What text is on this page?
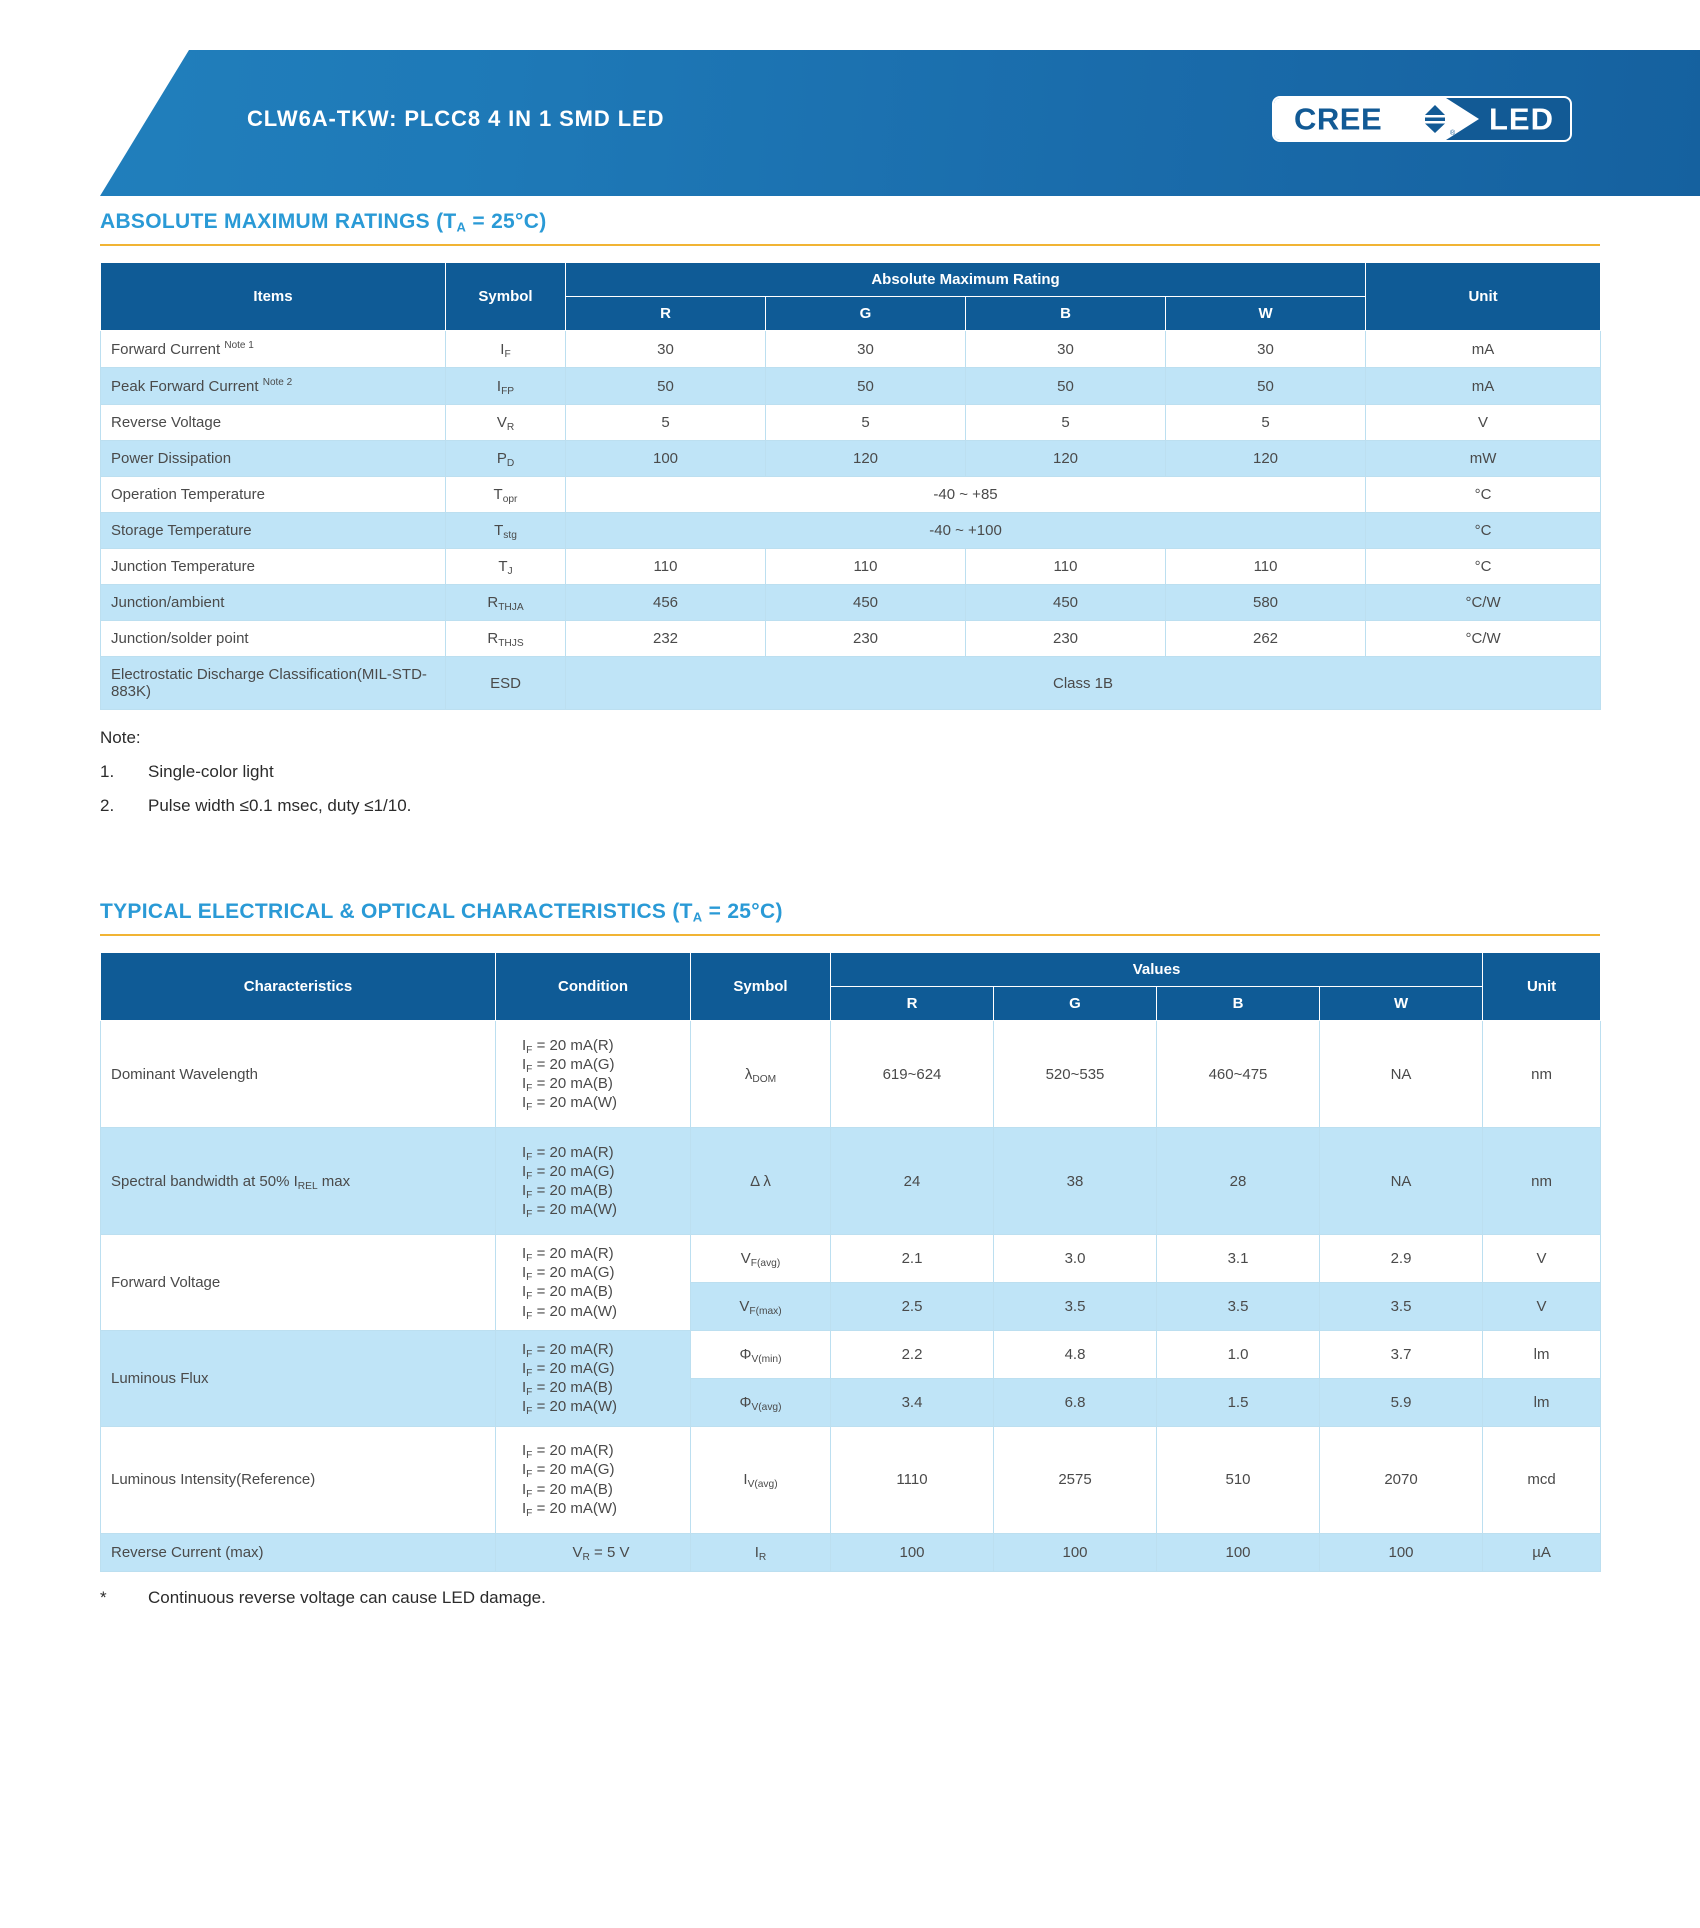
CLW6A-TKW: PLCC8 4 IN 1 SMD LED	CREE	® LED
ABSOLUTE MAXIMUM RATINGS $(T_A = 25^\circ C)$
Items	Symbol	Absolute Maximum Rating				Unit
		R	G	B	W	
Forward Current $^{Note 1}$	$I_F$	30	30	30	30	mA
Peak Forward Current $^{Note 2}$	$I_{FP}$	50	50	50	50	mA
Reverse Voltage	$V_R$	5	5	5	5	V
Power Dissipation	$P_D$	100	120	120	120	mW
Operation Temperature	$T_{opr}$	-40 ~ +85				°C
Storage Temperature	$T_{stg}$	-40 ~ +100				°C
Junction Temperature	$T_J$	110	110	110	110	°C
Junction/ambient	$R_{THJA}$	456	450	450	580	°C/W
Junction/solder point	$R_{THJS}$	232	230	230	262	°C/W
Electrostatic Discharge Classification(MIL-STD-883K)	ESD	Class 1B				
Note:
1.	Single-color light
2.	Pulse width ≤0.1 msec, duty ≤1/10.
TYPICAL ELECTRICAL & OPTICAL CHARACTERISTICS $(T_A = 25^\circ C)$
Characteristics	Condition	Symbol	Values				Unit
			R	G	B	W	
Dominant Wavelength	$I_F = 20$ mA(R)
$I_F = 20$ mA(G)
$I_F = 20$ mA(B)
$I_F = 20$ mA(W)	$\lambda_{DOM}$	619~624	520~535	460~475	NA	nm
Spectral bandwidth at 50% $I_{REL}$ max	$I_F = 20$ mA(R)
$I_F = 20$ mA(G)
$I_F = 20$ mA(B)
$I_F = 20$ mA(W)	Δ λ	24	38	28	NA	nm
Forward Voltage	$I_F = 20$ mA(R)
$I_F = 20$ mA(G)
$I_F = 20$ mA(B)
$I_F = 20$ mA(W)	$V_{F(avg)}$	2.1	3.0	3.1	2.9	V
		$V_{F(max)}$	2.5	3.5	3.5	3.5	V
Luminous Flux	$I_F = 20$ mA(R)
$I_F = 20$ mA(G)
$I_F = 20$ mA(B)
$I_F = 20$ mA(W)	$\Phi_{V(min)}$	2.2	4.8	1.0	3.7	lm
		$\Phi_{V(avg)}$	3.4	6.8	1.5	5.9	lm
Luminous Intensity(Reference)	$I_F = 20$ mA(R)
$I_F = 20$ mA(G)
$I_F = 20$ mA(B)
$I_F = 20$ mA(W)	$I_{V(avg)}$	1110	2575	510	2070	mcd
Reverse Current (max)	$V_R = 5$ V	$I_R$	100	100	100	100	µA
*	Continuous reverse voltage can cause LED damage.
